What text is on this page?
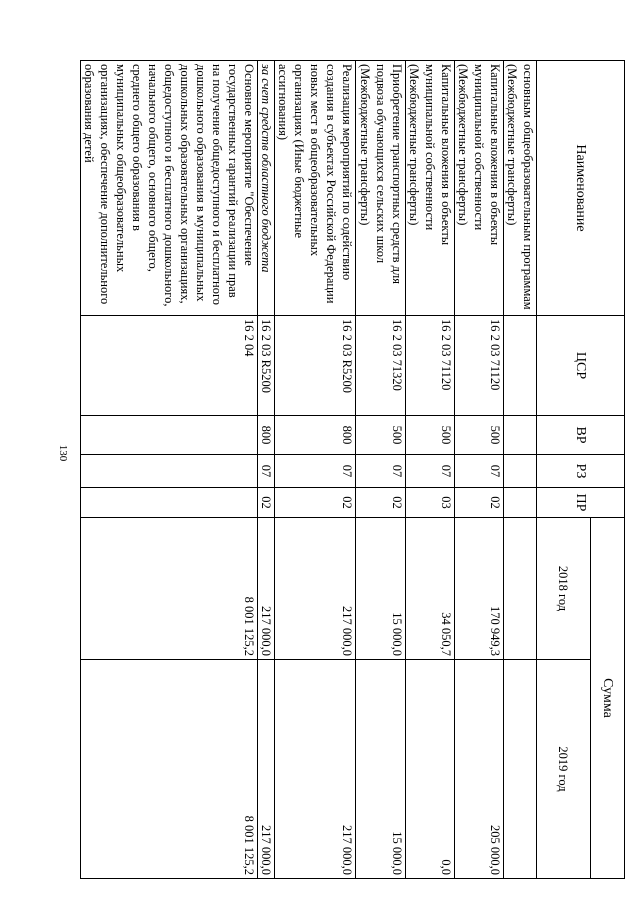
130
Наименование	ЦСР	ВР	РЗ	ПР	Сумма	
					2018 год	2019 год
основным общеобразовательным программам (Межбюджетные трансферты)						
Капитальные вложения в объекты муниципальной собственности (Межбюджетные трансферты)	16 2 03 71120	500	07	02	170 949,3	205 000,0
Капитальные вложения в объекты муниципальной собственности (Межбюджетные трансферты)	16 2 03 71120	500	07	03	34 050,7	0,0
Приобретение транспортных средств для подвоза обучающихся сельских школ (Межбюджетные трансферты)	16 2 03 71320	500	07	02	15 000,0	15 000,0
Реализация мероприятий по содействию создания в субъектах Российской Федерации новых мест в общеобразовательных организациях (Иные бюджетные ассигнования)	16 2 03 R5200	800	07	02	217 000,0	217 000,0
за счет средств областного бюджета	16 2 03 R5200	800	07	02	217 000,0	217 000,0
Основное мероприятие "Обеспечение государственных гарантий реализации прав на получение общедоступного и бесплатного дошкольного образования в муниципальных дошкольных образовательных организациях, общедоступного и бесплатного дошкольного, начального общего, основного общего, среднего общего образования в муниципальных общеобразовательных организациях, обеспечение дополнительного образования детей	16 2 04				8 001 125,2	8 001 125,2
